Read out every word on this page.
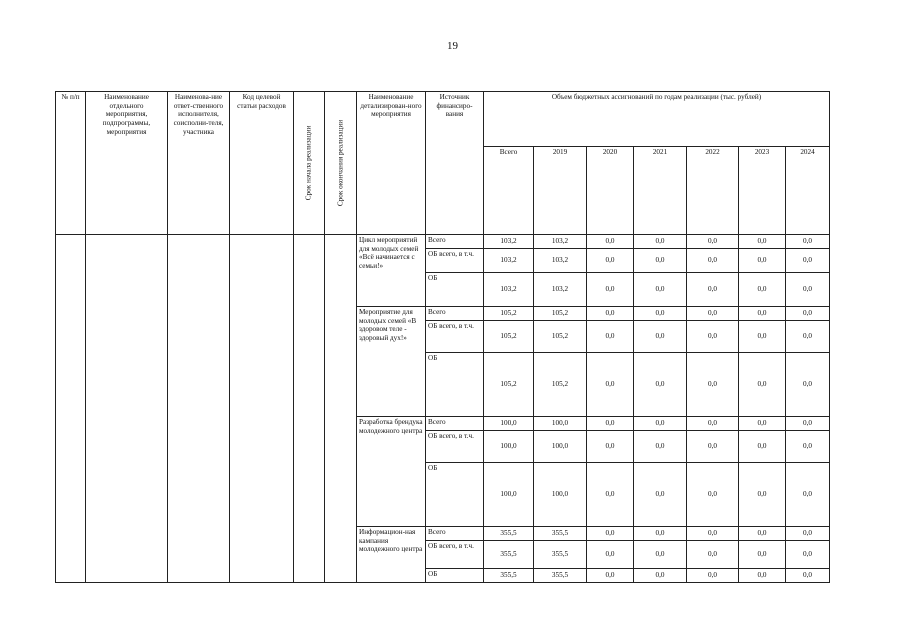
19
№ п/п	Наименование отдельного мероприятия, подпрограммы, мероприятия	Наименова-ние ответ-ственного исполнителя, соисполни-теля, участника	Код целевой статьи расходов	Срок начала реализации	Срок окончания реализации	Наименование детализирован-ного мероприятия	Источник финансиро-вания	Объем бюджетных ассигнований по годам реализации (тыс. рублей)						
								Всего	2019	2020	2021	2022	2023	2024
						Цикл мероприятий для молодых семей «Всё начинается с семьи!»	Всего	103,2	103,2	0,0	0,0	0,0	0,0	0,0
							ОБ всего, в т.ч.	103,2	103,2	0,0	0,0	0,0	0,0	0,0
							ОБ	103,2	103,2	0,0	0,0	0,0	0,0	0,0
						Мероприятие для молодых семей «В здоровом теле - здоровый дух!»	Всего	105,2	105,2	0,0	0,0	0,0	0,0	0,0
							ОБ всего, в т.ч.	105,2	105,2	0,0	0,0	0,0	0,0	0,0
							ОБ	105,2	105,2	0,0	0,0	0,0	0,0	0,0
						Разработка брендука молодежного центра	Всего	100,0	100,0	0,0	0,0	0,0	0,0	0,0
							ОБ всего, в т.ч.	100,0	100,0	0,0	0,0	0,0	0,0	0,0
							ОБ	100,0	100,0	0,0	0,0	0,0	0,0	0,0
						Информацион-ная кампания молодежного центра	Всего	355,5	355,5	0,0	0,0	0,0	0,0	0,0
							ОБ всего, в т.ч.	355,5	355,5	0,0	0,0	0,0	0,0	0,0
							ОБ	355,5	355,5	0,0	0,0	0,0	0,0	0,0
